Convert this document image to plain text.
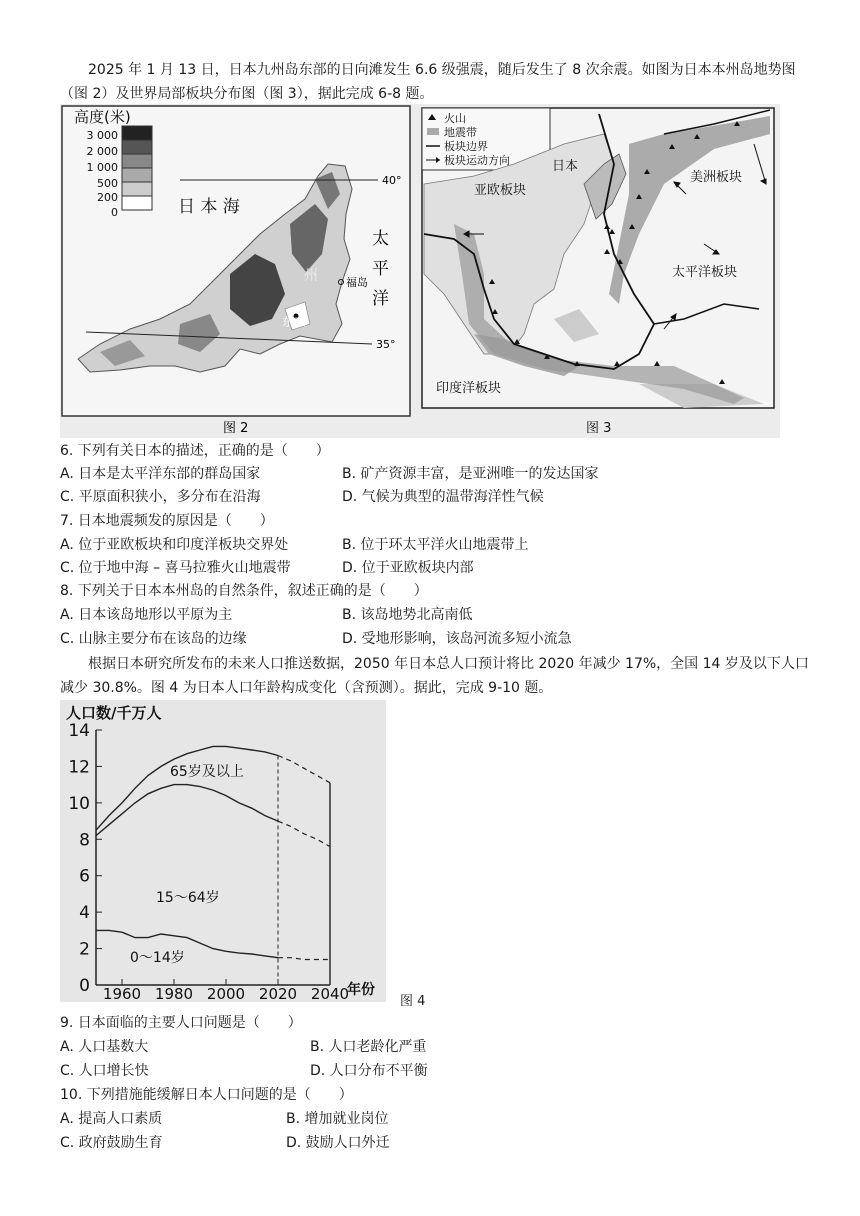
2025 年 1 月 13 日，日本九州岛东部的日向滩发生 6.6 级强震，随后发生了 8 次余震。如图为日本本州岛地势图（图 2）及世界局部板块分布图（图 3），据此完成 6-8 题。
高度(米)
3 000
2 000
1 000
500
200
0
40°
35°
日 本 海
太
平
洋
福岛
东京
州
图 2
火山
地震带
板块边界
板块运动方向	日本
亚欧板块
美洲板块
太平洋板块
印度洋板块
图 3
6. 下列有关日本的描述，正确的是（　　）
A. 日本是太平洋东部的群岛国家	B. 矿产资源丰富，是亚洲唯一的发达国家
C. 平原面积狭小，多分布在沿海	D. 气候为典型的温带海洋性气候
7. 日本地震频发的原因是（　　）
A. 位于亚欧板块和印度洋板块交界处	B. 位于环太平洋火山地震带上
C. 位于地中海 – 喜马拉雅火山地震带	D. 位于亚欧板块内部
8. 下列关于日本本州岛的自然条件，叙述正确的是（　　）
A. 日本该岛地形以平原为主	B. 该岛地势北高南低
C. 山脉主要分布在该岛的边缘	D. 受地形影响，该岛河流多短小流急
根据日本研究所发布的未来人口推送数据，2050 年日本总人口预计将比 2020 年减少 17%，全国 14 岁及以下人口减少 30.8%。图 4 为日本人口年龄构成变化（含预测）。据此，完成 9-10 题。
人口数/千万人
年份
0
2
4
6
8
10
12
14
1960 1980 2000 2020 2040
65岁及以上
15～64岁
0～14岁
图 4
9. 日本面临的主要人口问题是（　　）
A. 人口基数大	B. 人口老龄化严重
C. 人口增长快	D. 人口分布不平衡
10. 下列措施能缓解日本人口问题的是（　　）
A. 提高人口素质	B. 增加就业岗位
C. 政府鼓励生育	D. 鼓励人口外迁
